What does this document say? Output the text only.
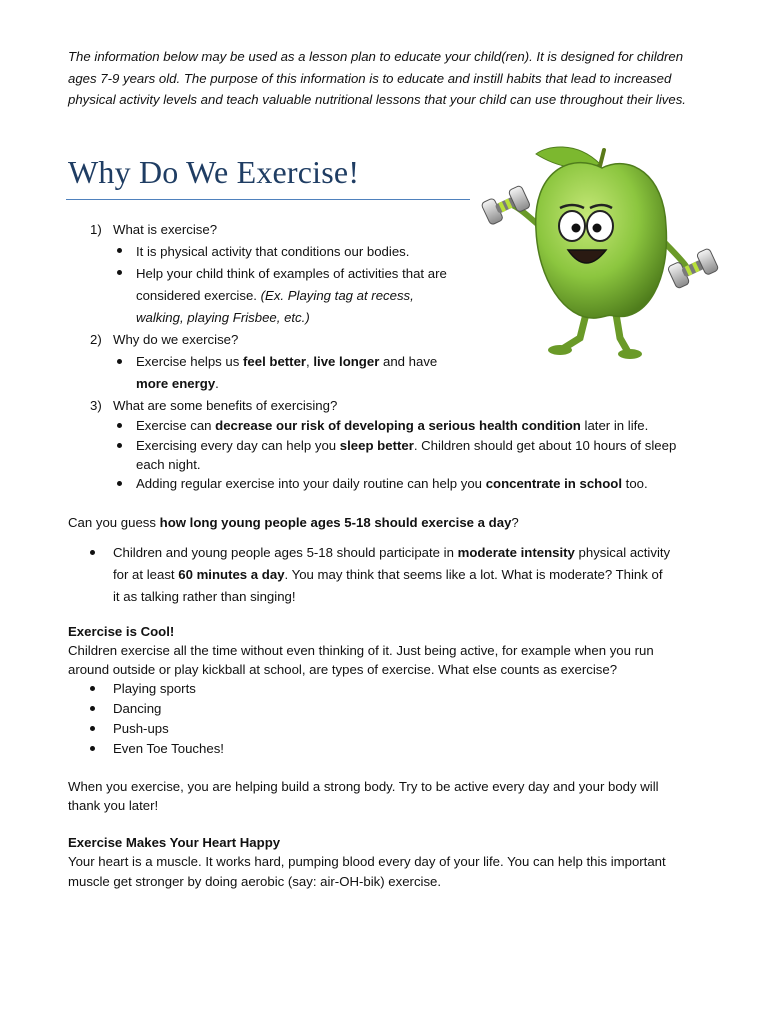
The information below may be used as a lesson plan to educate your child(ren). It is designed for children ages 7-9 years old. The purpose of this information is to educate and instill habits that lead to increased physical activity levels and teach valuable nutritional lessons that your child can use throughout their lives.

Why Do We Exercise!
1) What is exercise?
It is physical activity that conditions our bodies.
Help your child think of examples of activities that are
considered exercise. (Ex. Playing tag at recess,
walking, playing Frisbee, etc.)
2) Why do we exercise?
Exercise helps us feel better, live longer and have
more energy.
3) What are some benefits of exercising?
Exercise can decrease our risk of developing a serious health condition later in life.
Exercising every day can help you sleep better. Children should get about 10 hours of sleep
each night.
Adding regular exercise into your daily routine can help you concentrate in school too.
Can you guess how long young people ages 5-18 should exercise a day?
Children and young people ages 5-18 should participate in moderate intensity physical activity
for at least 60 minutes a day. You may think that seems like a lot. What is moderate? Think of
it as talking rather than singing!
Exercise is Cool!
Children exercise all the time without even thinking of it. Just being active, for example when you run
around outside or play kickball at school, are types of exercise. What else counts as exercise?
Playing sports
Dancing
Push-ups
Even Toe Touches!
When you exercise, you are helping build a strong body. Try to be active every day and your body will
thank you later!
Exercise Makes Your Heart Happy
Your heart is a muscle. It works hard, pumping blood every day of your life. You can help this important
muscle get stronger by doing aerobic (say: air-OH-bik) exercise.
